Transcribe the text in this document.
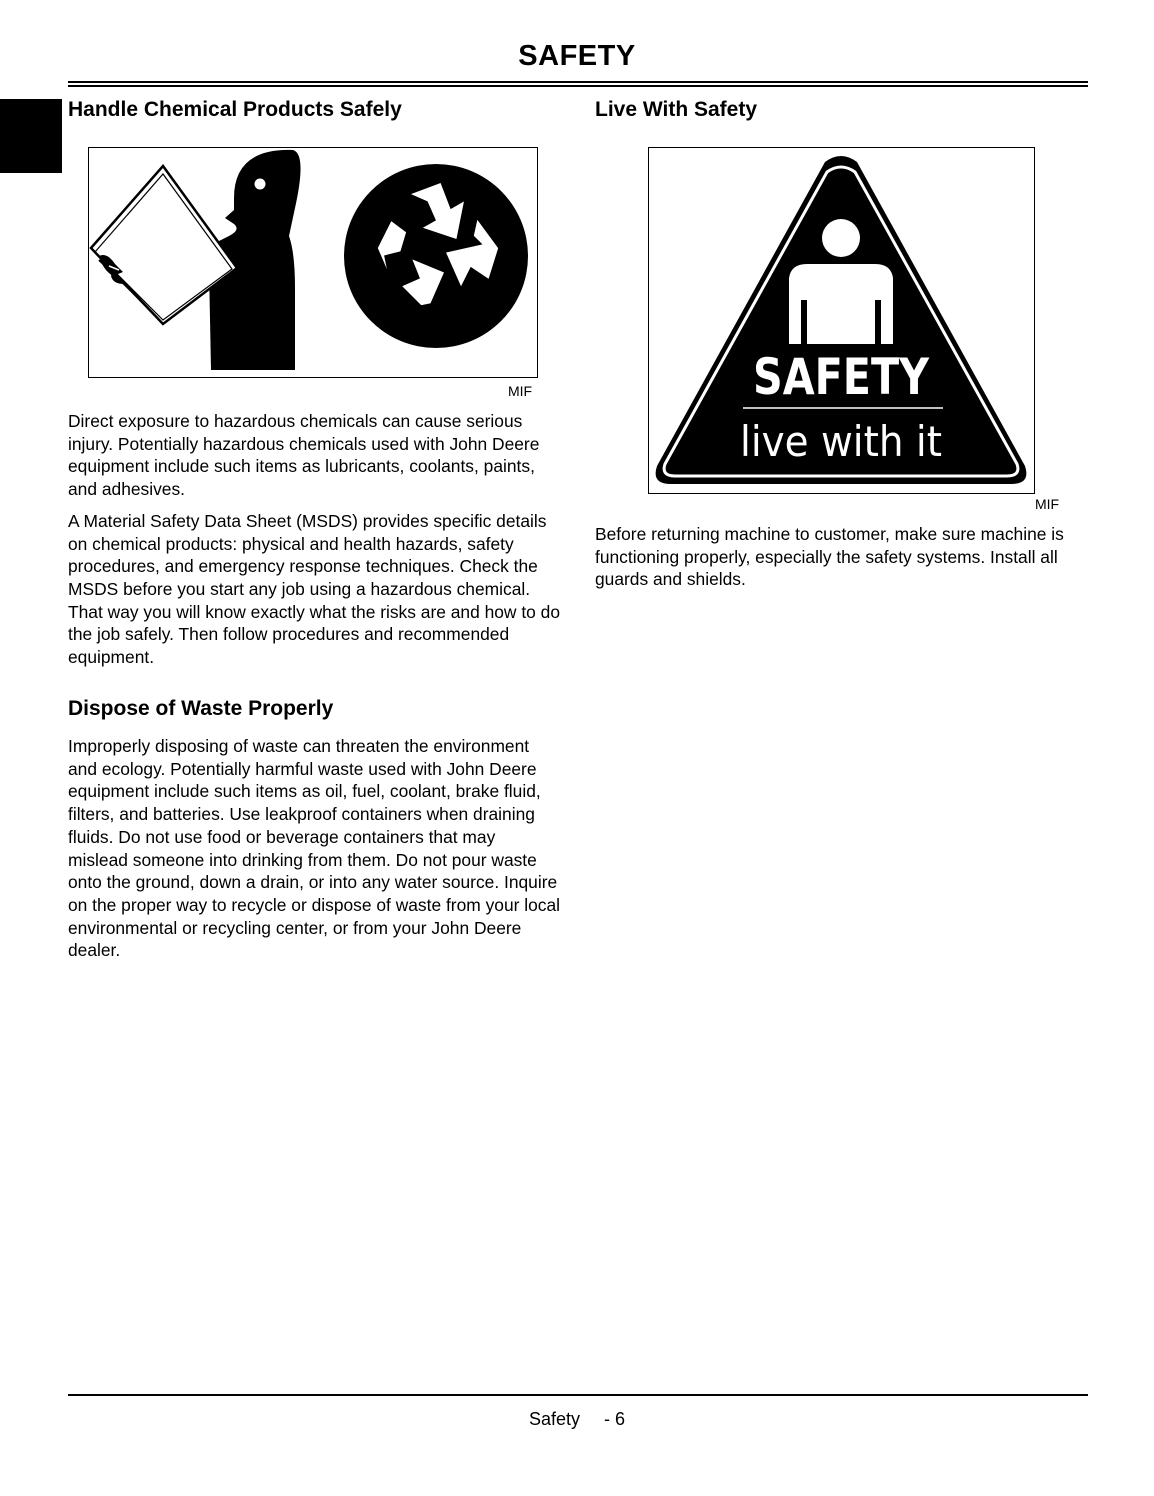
SAFETY
Handle Chemical Products Safely
MIF

Direct exposure to hazardous chemicals can cause serious injury. Potentially hazardous chemicals used with John Deere equipment include such items as lubricants, coolants, paints, and adhesives.

A Material Safety Data Sheet (MSDS) provides specific details on chemical products: physical and health hazards, safety procedures, and emergency response techniques. Check the MSDS before you start any job using a hazardous chemical. That way you will know exactly what the risks are and how to do the job safely. Then follow procedures and recommended equipment.

Dispose of Waste Properly

Improperly disposing of waste can threaten the environment and ecology. Potentially harmful waste used with John Deere equipment include such items as oil, fuel, coolant, brake fluid, filters, and batteries. Use leakproof containers when draining fluids. Do not use food or beverage containers that may mislead someone into drinking from them. Do not pour waste onto the ground, down a drain, or into any water source. Inquire on the proper way to recycle or dispose of waste from your local environmental or recycling center, or from your John Deere dealer.

Live With Safety
SAFETY
live with it
MIF

Before returning machine to customer, make sure machine is functioning properly, especially the safety systems. Install all guards and shields.

Safety - 6
